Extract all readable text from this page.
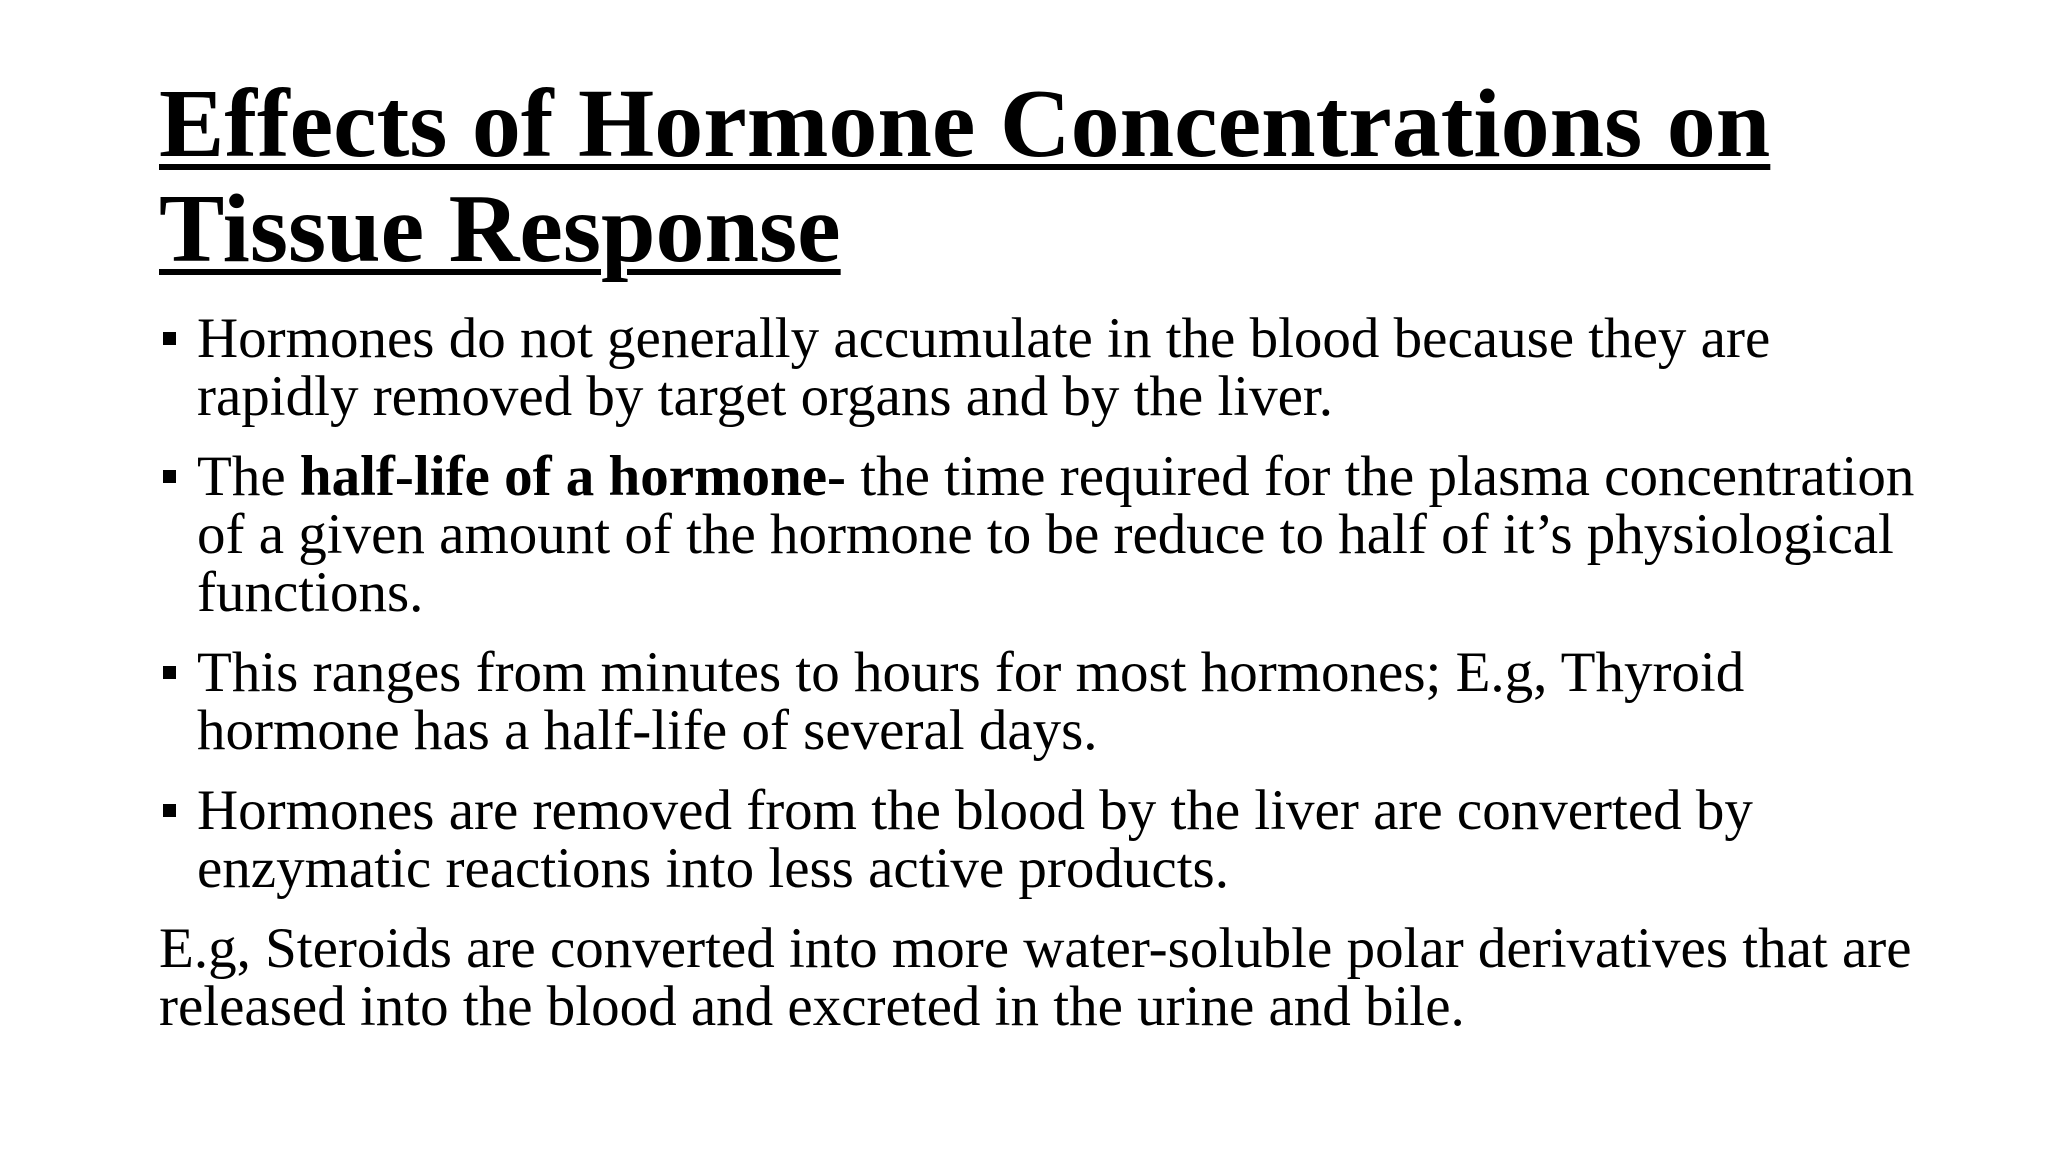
Effects of Hormone Concentrations on
Tissue Response
Hormones do not generally accumulate in the blood because they are rapidly removed by target organs and by the liver.
The half-life of a hormone- the time required for the plasma concentration of a given amount of the hormone to be reduce to half of it’s physiological functions.
This ranges from minutes to hours for most hormones; E.g, Thyroid hormone has a half-life of several days.
Hormones are removed from the blood by the liver are converted by enzymatic reactions into less active products.

E.g, Steroids are converted into more water-soluble polar derivatives that are released into the blood and excreted in the urine and bile.
